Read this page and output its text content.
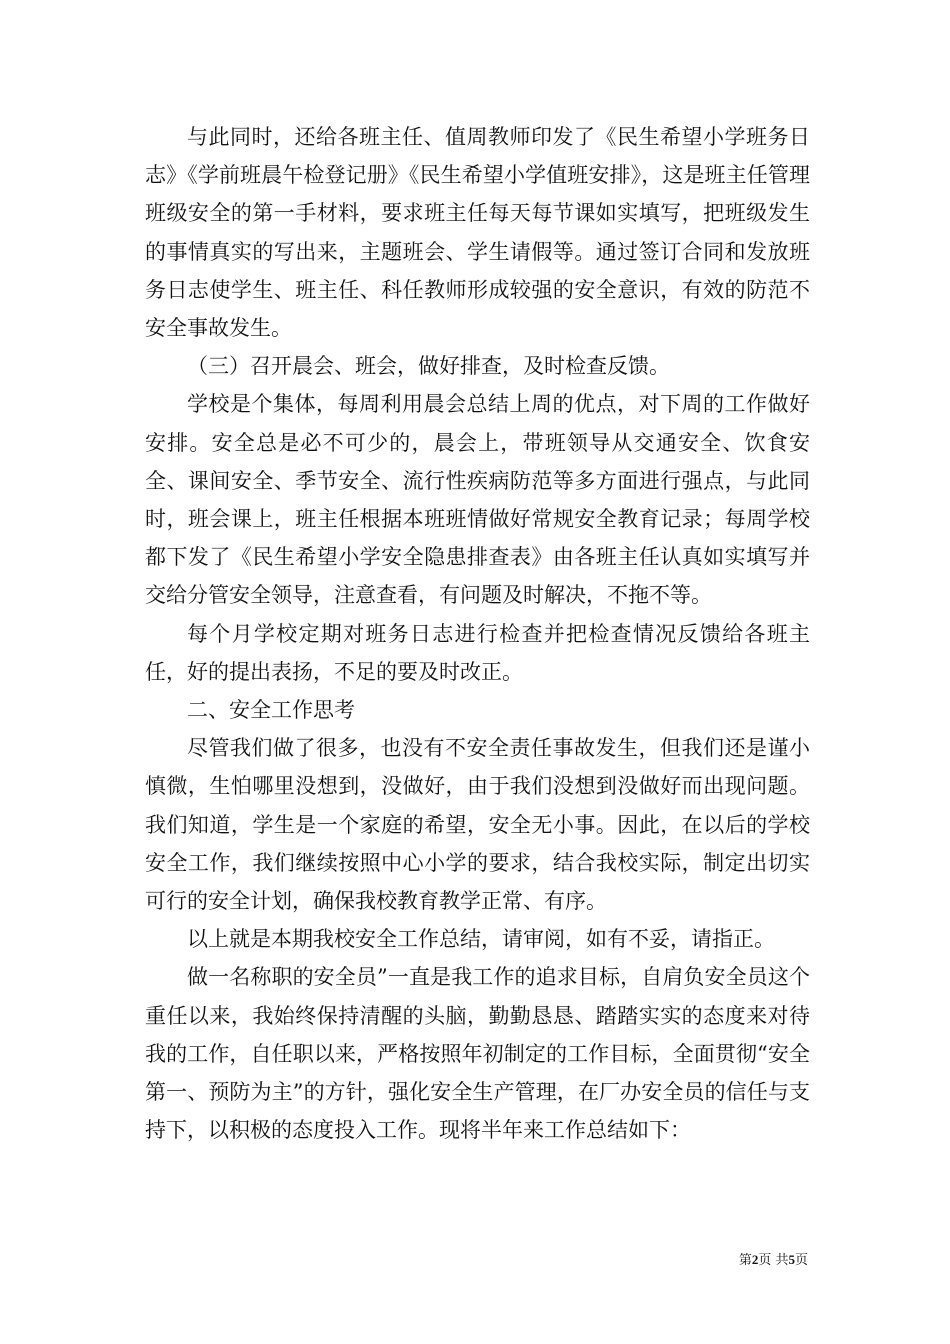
与此同时，还给各班主任、值周教师印发了《民生希望小学班务日志》《学前班晨午检登记册》《民生希望小学值班安排》，这是班主任管理班级安全的第一手材料，要求班主任每天每节课如实填写，把班级发生的事情真实的写出来，主题班会、学生请假等。通过签订合同和发放班务日志使学生、班主任、科任教师形成较强的安全意识，有效的防范不安全事故发生。

（三）召开晨会、班会，做好排查，及时检查反馈。

学校是个集体，每周利用晨会总结上周的优点，对下周的工作做好安排。安全总是必不可少的，晨会上，带班领导从交通安全、饮食安全、课间安全、季节安全、流行性疾病防范等多方面进行强点，与此同时，班会课上，班主任根据本班班情做好常规安全教育记录；每周学校都下发了《民生希望小学安全隐患排查表》由各班主任认真如实填写并交给分管安全领导，注意查看，有问题及时解决，不拖不等。

每个月学校定期对班务日志进行检查并把检查情况反馈给各班主任，好的提出表扬，不足的要及时改正。

二、安全工作思考

尽管我们做了很多，也没有不安全责任事故发生，但我们还是谨小慎微，生怕哪里没想到，没做好，由于我们没想到没做好而出现问题。我们知道，学生是一个家庭的希望，安全无小事。因此，在以后的学校安全工作，我们继续按照中心小学的要求，结合我校实际，制定出切实可行的安全计划，确保我校教育教学正常、有序。

以上就是本期我校安全工作总结，请审阅，如有不妥，请指正。

做一名称职的安全员”一直是我工作的追求目标，自肩负安全员这个重任以来，我始终保持清醒的头脑，勤勤恳恳、踏踏实实的态度来对待我的工作，自任职以来，严格按照年初制定的工作目标，全面贯彻“安全第一、预防为主”的方针，强化安全生产管理，在厂办安全员的信任与支持下，以积极的态度投入工作。现将半年来工作总结如下：

第2页 共5页
